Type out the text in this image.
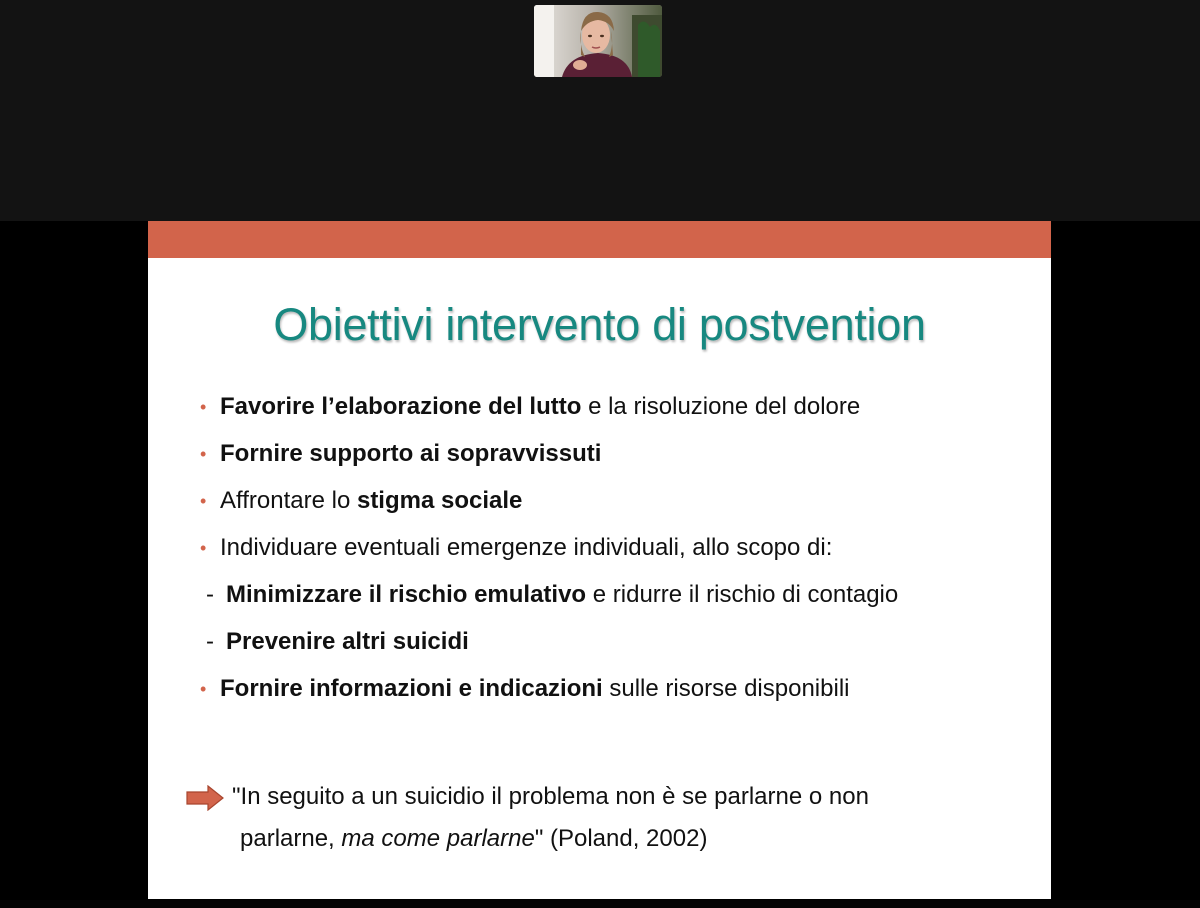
Obiettivi intervento di postvention
• Favorire l’elaborazione del lutto e la risoluzione del dolore
• Fornire supporto ai sopravvissuti
• Affrontare lo stigma sociale
• Individuare eventuali emergenze individuali, allo scopo di:
- Minimizzare il rischio emulativo e ridurre il rischio di contagio
- Prevenire altri suicidi
• Fornire informazioni e indicazioni sulle risorse disponibili
"In seguito a un suicidio il problema non è se parlarne o non
parlarne, ma come parlarne" (Poland, 2002)
